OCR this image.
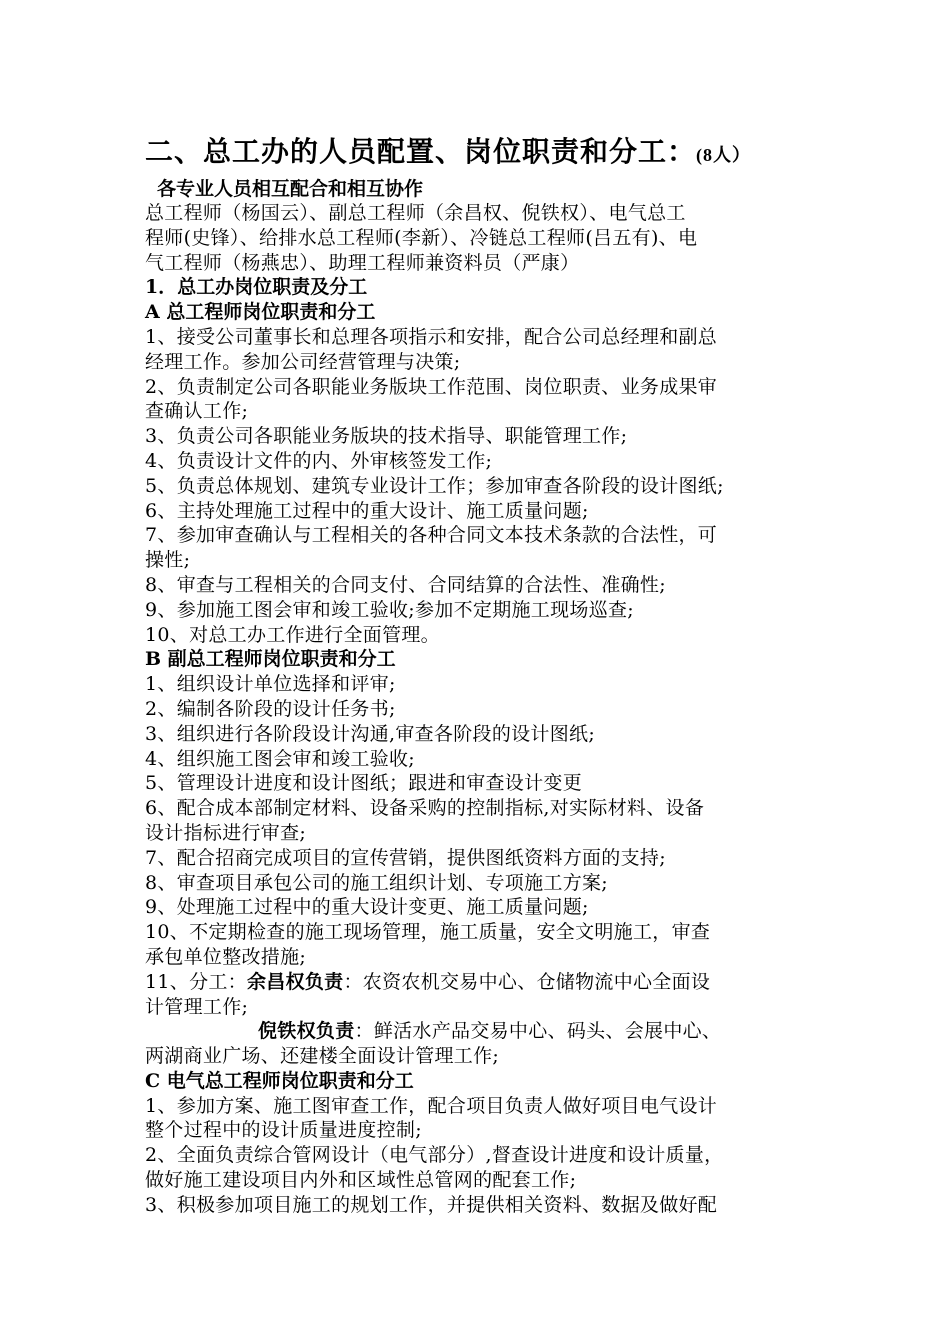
二、总工办的人员配置、岗位职责和分工：(8人）

各专业人员相互配合和相互协作

总工程师（杨国云）、副总工程师（余昌权、倪铁权）、电气总工

程师(史锋）、给排水总工程师(李新）、冷链总工程师(吕五有)、电

气工程师（杨燕忠）、助理工程师兼资料员（严康）

1．总工办岗位职责及分工

A 总工程师岗位职责和分工

1、接受公司董事长和总理各项指示和安排，配合公司总经理和副总

经理工作。参加公司经营管理与决策;

2、负责制定公司各职能业务版块工作范围、岗位职责、业务成果审

查确认工作;

3、负责公司各职能业务版块的技术指导、职能管理工作;

4、负责设计文件的内、外审核签发工作;

5、负责总体规划、建筑专业设计工作；参加审查各阶段的设计图纸;

6、主持处理施工过程中的重大设计、施工质量问题;

7、参加审查确认与工程相关的各种合同文本技术条款的合法性，可

操性;

8、审查与工程相关的合同支付、合同结算的合法性、准确性;

9、参加施工图会审和竣工验收;参加不定期施工现场巡查;

10、对总工办工作进行全面管理。

B 副总工程师岗位职责和分工

1、组织设计单位选择和评审;

2、编制各阶段的设计任务书;

3、组织进行各阶段设计沟通,审查各阶段的设计图纸;

4、组织施工图会审和竣工验收;

5、管理设计进度和设计图纸；跟进和审查设计变更

6、配合成本部制定材料、设备采购的控制指标,对实际材料、设备

设计指标进行审查;

7、配合招商完成项目的宣传营销，提供图纸资料方面的支持;

8、审查项目承包公司的施工组织计划、专项施工方案;

9、处理施工过程中的重大设计变更、施工质量问题;

10、不定期检查的施工现场管理，施工质量，安全文明施工，审查

承包单位整改措施;

11、分工：余昌权负责：农资农机交易中心、仓储物流中心全面设

计管理工作;

倪铁权负责：鲜活水产品交易中心、码头、会展中心、

两湖商业广场、还建楼全面设计管理工作;

C 电气总工程师岗位职责和分工

1、参加方案、施工图审查工作，配合项目负责人做好项目电气设计

整个过程中的设计质量进度控制;

2、全面负责综合管网设计（电气部分）,督查设计进度和设计质量，

做好施工建设项目内外和区域性总管网的配套工作;

3、积极参加项目施工的规划工作，并提供相关资料、数据及做好配
